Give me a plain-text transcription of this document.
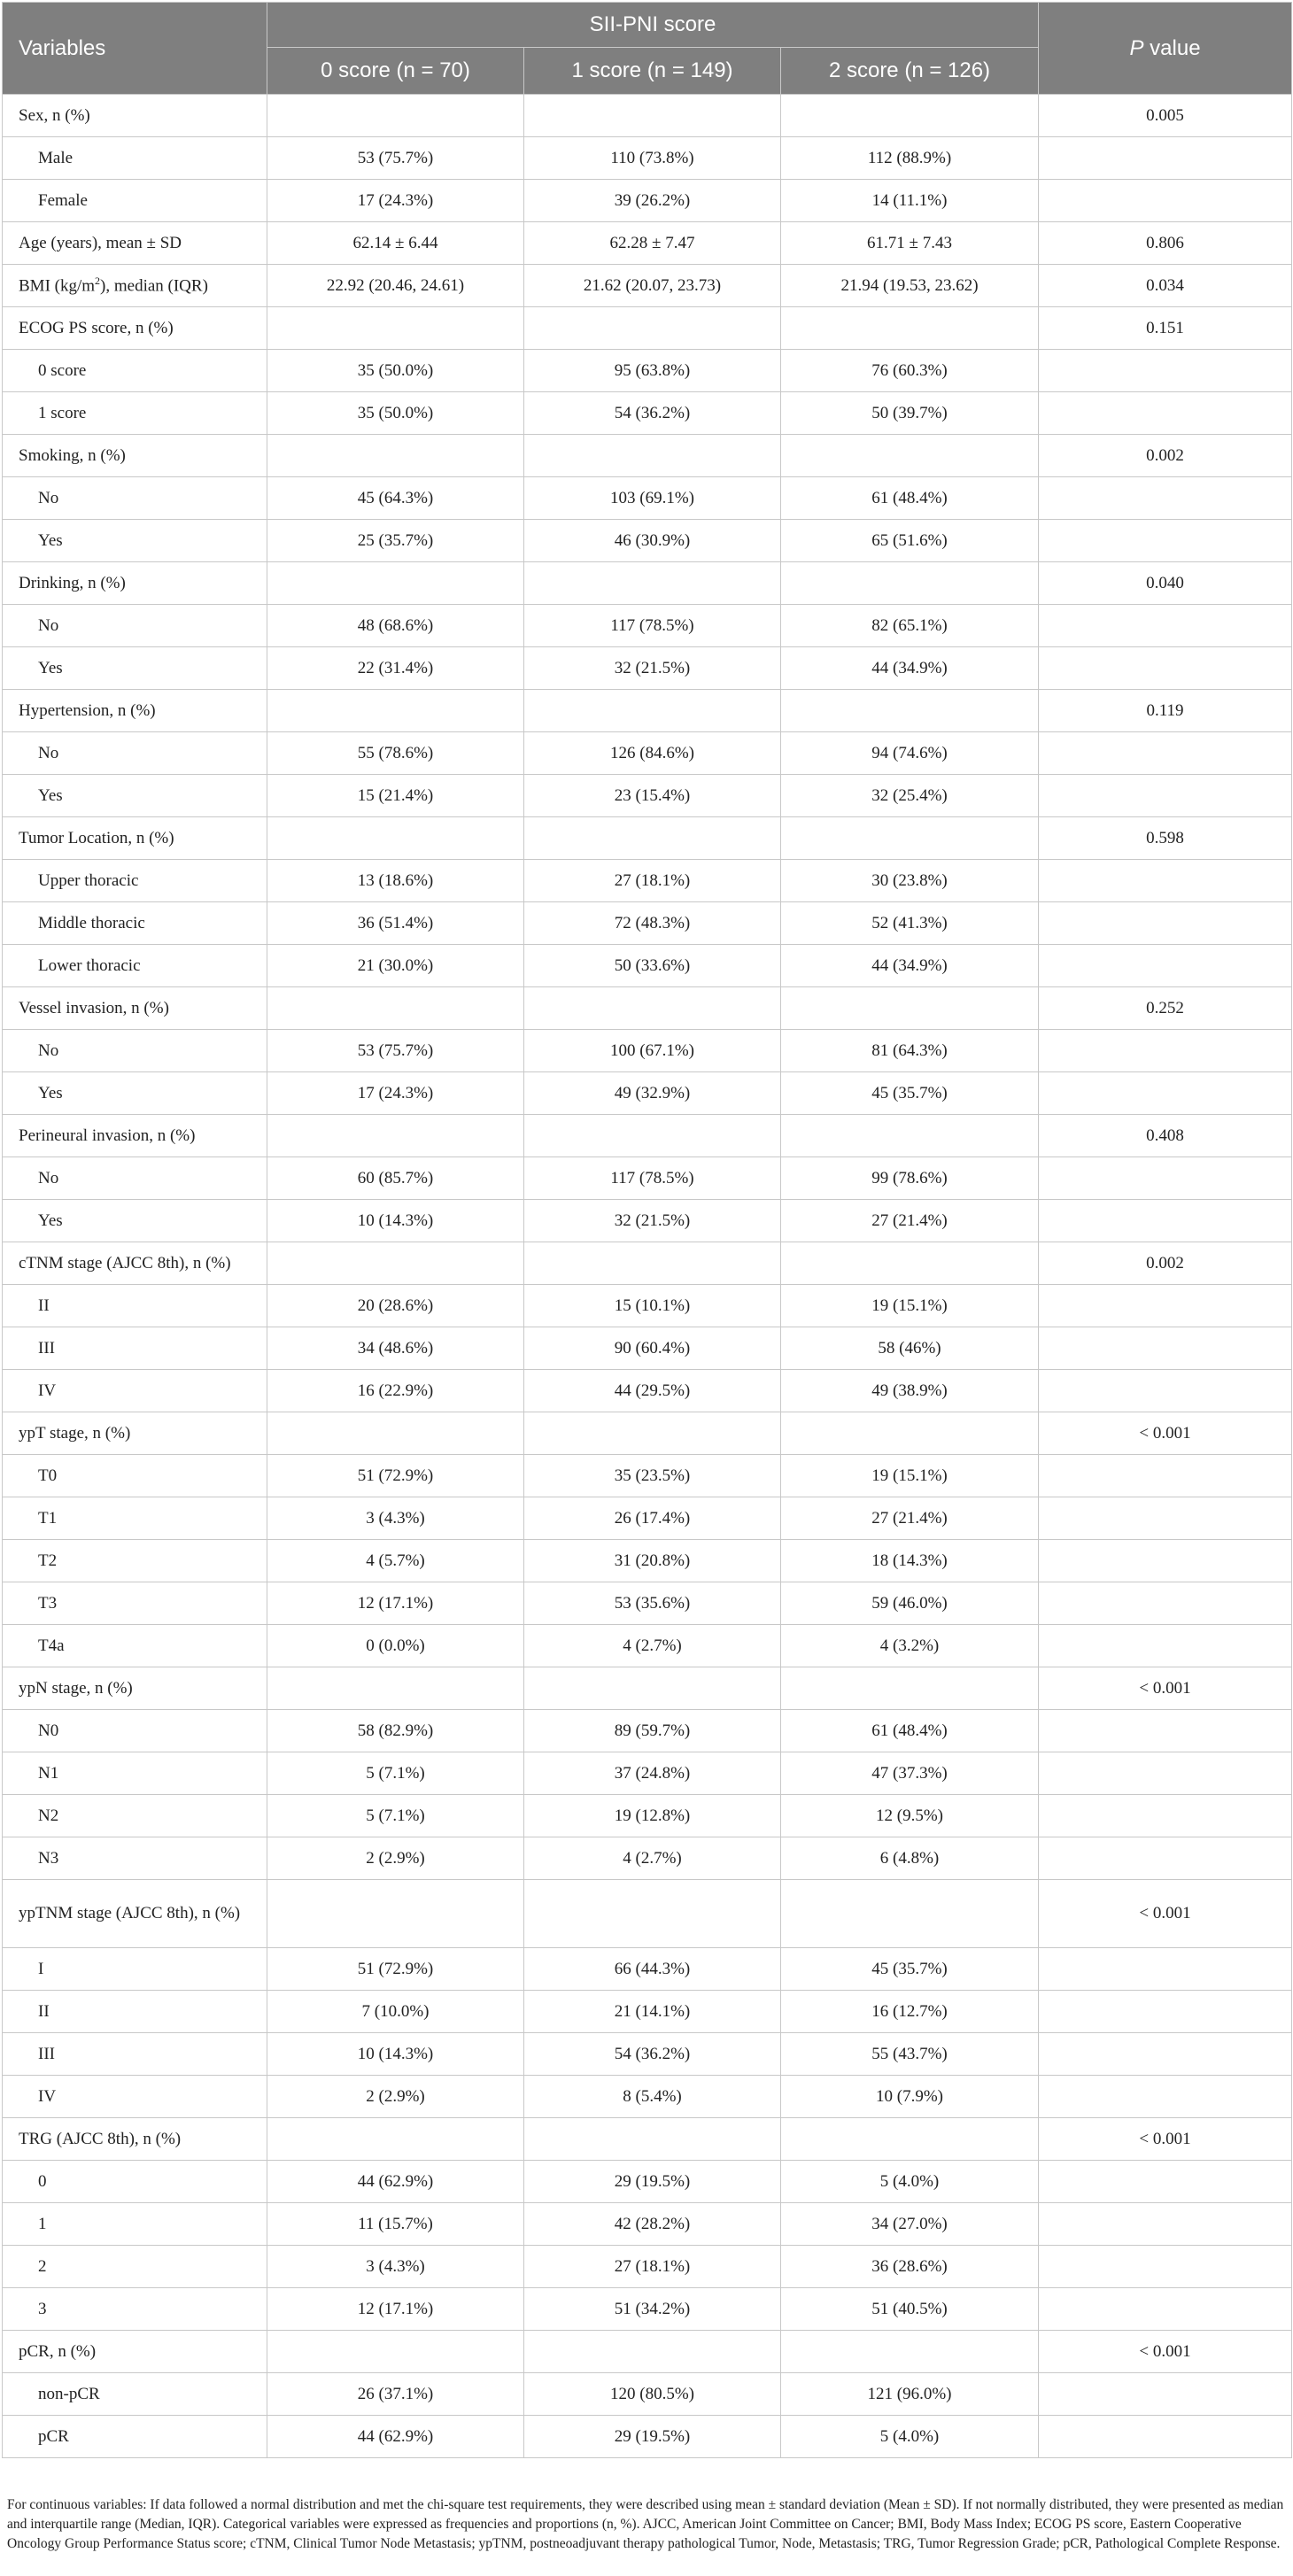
Variables	SII-PNI score			P value
	0 score (n = 70)	1 score (n = 149)	2 score (n = 126)	
Sex, n (%)				0.005
Male	53 (75.7%)	110 (73.8%)	112 (88.9%)	
Female	17 (24.3%)	39 (26.2%)	14 (11.1%)	
Age (years), mean ± SD	62.14 ± 6.44	62.28 ± 7.47	61.71 ± 7.43	0.806
BMI $(kg/m^2)$, median (IQR)	22.92 (20.46, 24.61)	21.62 (20.07, 23.73)	21.94 (19.53, 23.62)	0.034
ECOG PS score, n (%)				0.151
0 score	35 (50.0%)	95 (63.8%)	76 (60.3%)	
1 score	35 (50.0%)	54 (36.2%)	50 (39.7%)	
Smoking, n (%)				0.002
No	45 (64.3%)	103 (69.1%)	61 (48.4%)	
Yes	25 (35.7%)	46 (30.9%)	65 (51.6%)	
Drinking, n (%)				0.040
No	48 (68.6%)	117 (78.5%)	82 (65.1%)	
Yes	22 (31.4%)	32 (21.5%)	44 (34.9%)	
Hypertension, n (%)				0.119
No	55 (78.6%)	126 (84.6%)	94 (74.6%)	
Yes	15 (21.4%)	23 (15.4%)	32 (25.4%)	
Tumor Location, n (%)				0.598
Upper thoracic	13 (18.6%)	27 (18.1%)	30 (23.8%)	
Middle thoracic	36 (51.4%)	72 (48.3%)	52 (41.3%)	
Lower thoracic	21 (30.0%)	50 (33.6%)	44 (34.9%)	
Vessel invasion, n (%)				0.252
No	53 (75.7%)	100 (67.1%)	81 (64.3%)	
Yes	17 (24.3%)	49 (32.9%)	45 (35.7%)	
Perineural invasion, n (%)				0.408
No	60 (85.7%)	117 (78.5%)	99 (78.6%)	
Yes	10 (14.3%)	32 (21.5%)	27 (21.4%)	
cTNM stage (AJCC 8th), n (%)				0.002
II	20 (28.6%)	15 (10.1%)	19 (15.1%)	
III	34 (48.6%)	90 (60.4%)	58 (46%)	
IV	16 (22.9%)	44 (29.5%)	49 (38.9%)	
ypT stage, n (%)				< 0.001
T0	51 (72.9%)	35 (23.5%)	19 (15.1%)	
T1	3 (4.3%)	26 (17.4%)	27 (21.4%)	
T2	4 (5.7%)	31 (20.8%)	18 (14.3%)	
T3	12 (17.1%)	53 (35.6%)	59 (46.0%)	
T4a	0 (0.0%)	4 (2.7%)	4 (3.2%)	
ypN stage, n (%)				< 0.001
N0	58 (82.9%)	89 (59.7%)	61 (48.4%)	
N1	5 (7.1%)	37 (24.8%)	47 (37.3%)	
N2	5 (7.1%)	19 (12.8%)	12 (9.5%)	
N3	2 (2.9%)	4 (2.7%)	6 (4.8%)	
ypTNM stage (AJCC 8th), n (%)				< 0.001
I	51 (72.9%)	66 (44.3%)	45 (35.7%)	
II	7 (10.0%)	21 (14.1%)	16 (12.7%)	
III	10 (14.3%)	54 (36.2%)	55 (43.7%)	
IV	2 (2.9%)	8 (5.4%)	10 (7.9%)	
TRG (AJCC 8th), n (%)				< 0.001
0	44 (62.9%)	29 (19.5%)	5 (4.0%)	
1	11 (15.7%)	42 (28.2%)	34 (27.0%)	
2	3 (4.3%)	27 (18.1%)	36 (28.6%)	
3	12 (17.1%)	51 (34.2%)	51 (40.5%)	
pCR, n (%)				< 0.001
non-pCR	26 (37.1%)	120 (80.5%)	121 (96.0%)	
pCR	44 (62.9%)	29 (19.5%)	5 (4.0%)	
For continuous variables: If data followed a normal distribution and met the chi-square test requirements, they were described using mean ± standard deviation (Mean ± SD). If not normally distributed, they were presented as median and interquartile range (Median, IQR). Categorical variables were expressed as frequencies and proportions (n, %). AJCC, American Joint Committee on Cancer; BMI, Body Mass Index; ECOG PS score, Eastern Cooperative Oncology Group Performance Status score; cTNM, Clinical Tumor Node Metastasis; ypTNM, postneoadjuvant therapy pathological Tumor, Node, Metastasis; TRG, Tumor Regression Grade; pCR, Pathological Complete Response.
